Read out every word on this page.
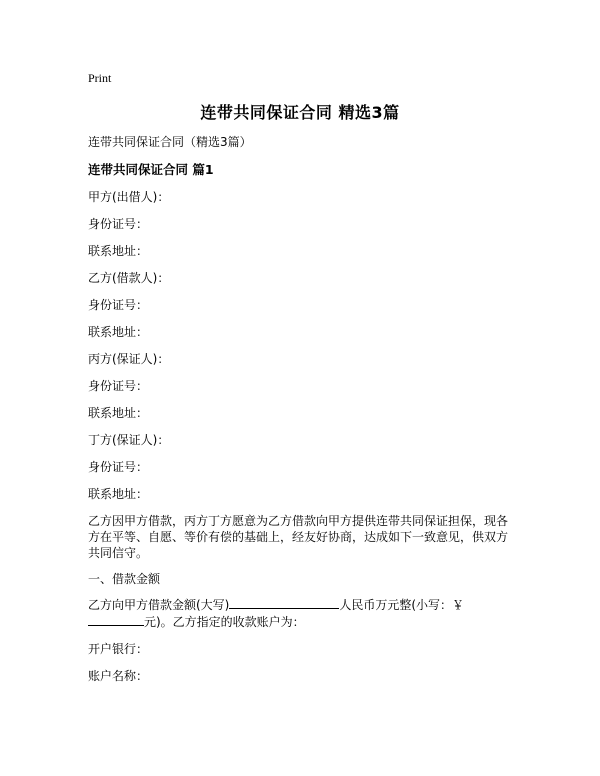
Print
连带共同保证合同 精选3篇
连带共同保证合同（精选3篇）
连带共同保证合同 篇1
甲方(出借人)：
身份证号：
联系地址：
乙方(借款人)：
身份证号：
联系地址：
丙方(保证人)：
身份证号：
联系地址：
丁方(保证人)：
身份证号：
联系地址：
乙方因甲方借款，丙方丁方愿意为乙方借款向甲方提供连带共同保证担保，现各方在平等、自愿、等价有偿的基础上，经友好协商，达成如下一致意见，供双方共同信守。
一、借款金额
乙方向甲方借款金额(大写)	人民币万元整(小写：￥
元)。乙方指定的收款账户为：
开户银行：
账户名称：
